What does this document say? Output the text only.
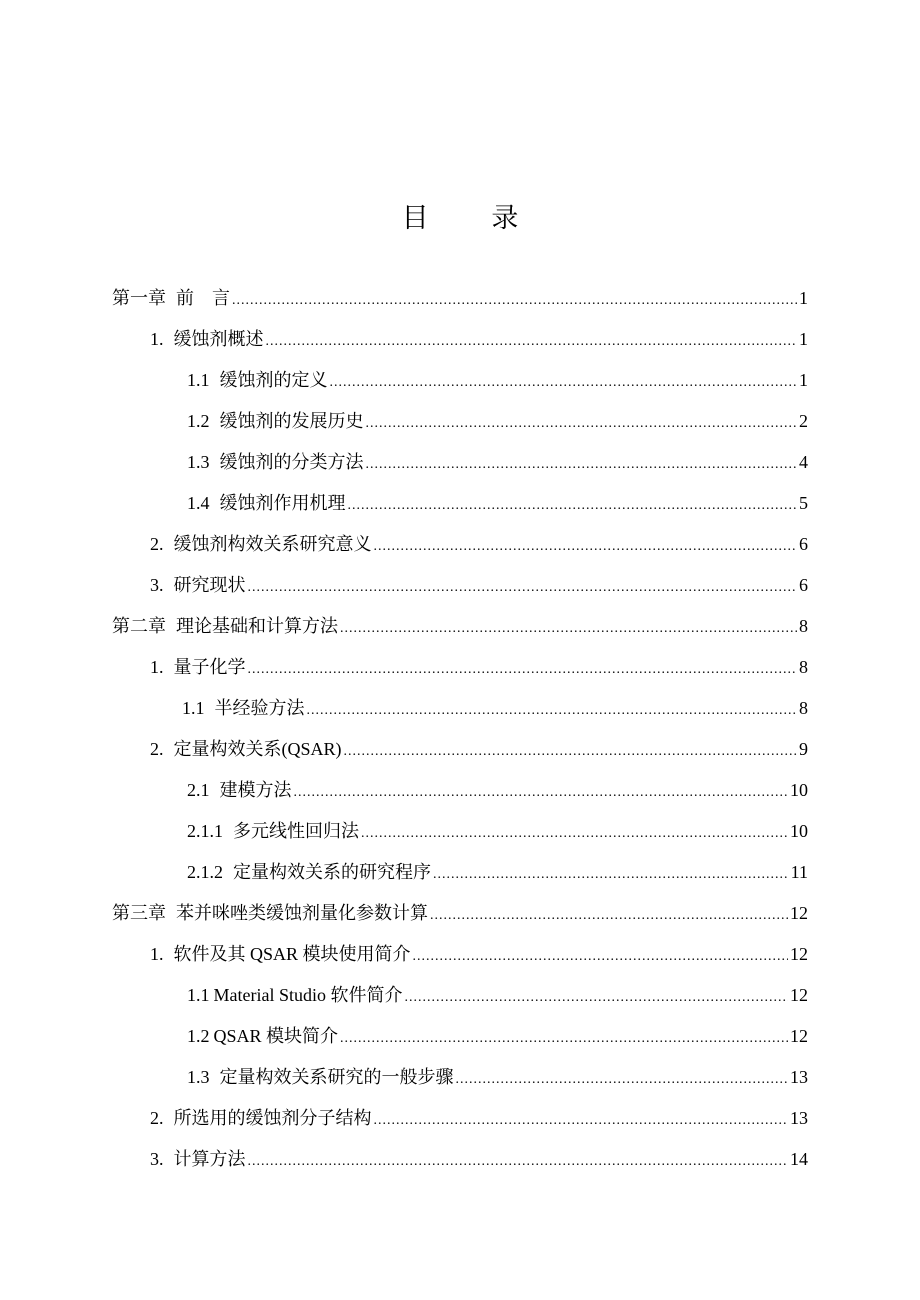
目 录
第一章 前　言 .....	1
1. 缓蚀剂概述 .....	1
1.1 缓蚀剂的定义 .....	1
1.2 缓蚀剂的发展历史 .....	2
1.3 缓蚀剂的分类方法 .....	4
1.4 缓蚀剂作用机理 .....	5
2. 缓蚀剂构效关系研究意义 .....	6
3. 研究现状 .....	6
第二章 理论基础和计算方法 .....	8
1. 量子化学 .....	8
1.1 半经验方法 .....	8
2. 定量构效关系(QSAR) .....	9
2.1 建模方法 .....	10
2.1.1 多元线性回归法 .....	10
2.1.2 定量构效关系的研究程序 .....	11
第三章 苯并咪唑类缓蚀剂量化参数计算 .....	12
1. 软件及其 QSAR 模块使用简介 .....	12
1.1 Material Studio 软件简介 .....	12
1.2 QSAR 模块简介 .....	12
1.3 定量构效关系研究的一般步骤 .....	13
2. 所选用的缓蚀剂分子结构 .....	13
3. 计算方法 .....	14
